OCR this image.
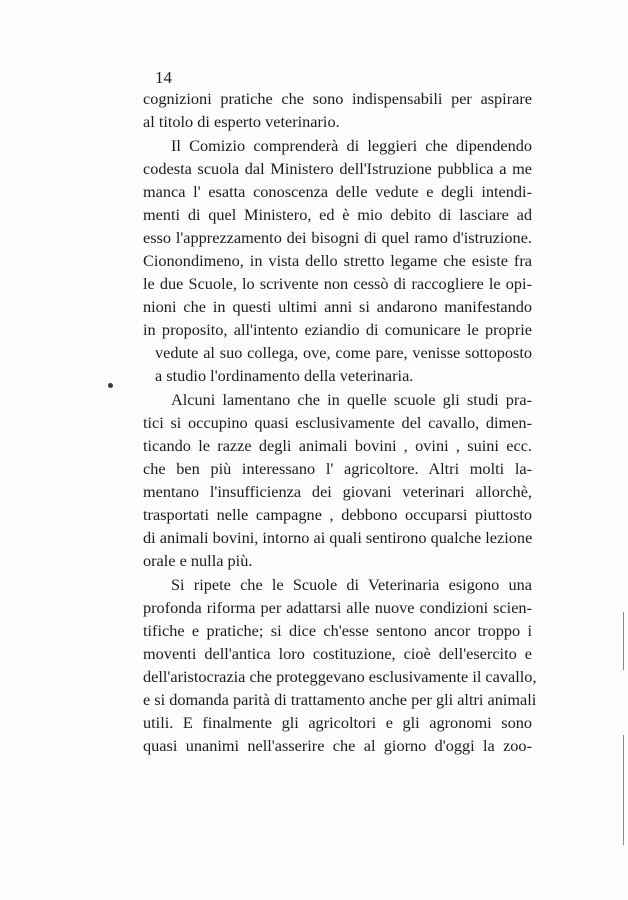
14
cognizioni pratiche che sono indispensabili per aspirare
al titolo di esperto veterinario.
Il Comizio comprenderà di leggieri che dipendendo
codesta scuola dal Ministero dell'Istruzione pubblica a me
manca l' esatta conoscenza delle vedute e degli intendi-
menti di quel Ministero, ed è mio debito di lasciare ad
esso l'apprezzamento dei bisogni di quel ramo d'istruzione.
Cionondimeno, in vista dello stretto legame che esiste fra
le due Scuole, lo scrivente non cessò di raccogliere le opi-
nioni che in questi ultimi anni si andarono manifestando
in proposito, all'intento eziandio di comunicare le proprie
vedute al suo collega, ove, come pare, venisse sottoposto
a studio l'ordinamento della veterinaria.
Alcuni lamentano che in quelle scuole gli studi pra-
tici si occupino quasi esclusivamente del cavallo, dimen-
ticando le razze degli animali bovini , ovini , suini ecc.
che ben più interessano l' agricoltore. Altri molti la-
mentano l'insufficienza dei giovani veterinari allorchè,
trasportati nelle campagne , debbono occuparsi piuttosto
di animali bovini, intorno ai quali sentirono qualche lezione
orale e nulla più.
Si ripete che le Scuole di Veterinaria esigono una
profonda riforma per adattarsi alle nuove condizioni scien-
tifiche e pratiche; si dice ch'esse sentono ancor troppo i
moventi dell'antica loro costituzione, cioè dell'esercito e
dell'aristocrazia che proteggevano esclusivamente il cavallo,
e si domanda parità di trattamento anche per gli altri animali
utili. E finalmente gli agricoltori e gli agronomi sono
quasi unanimi nell'asserire che al giorno d'oggi la zoo-
